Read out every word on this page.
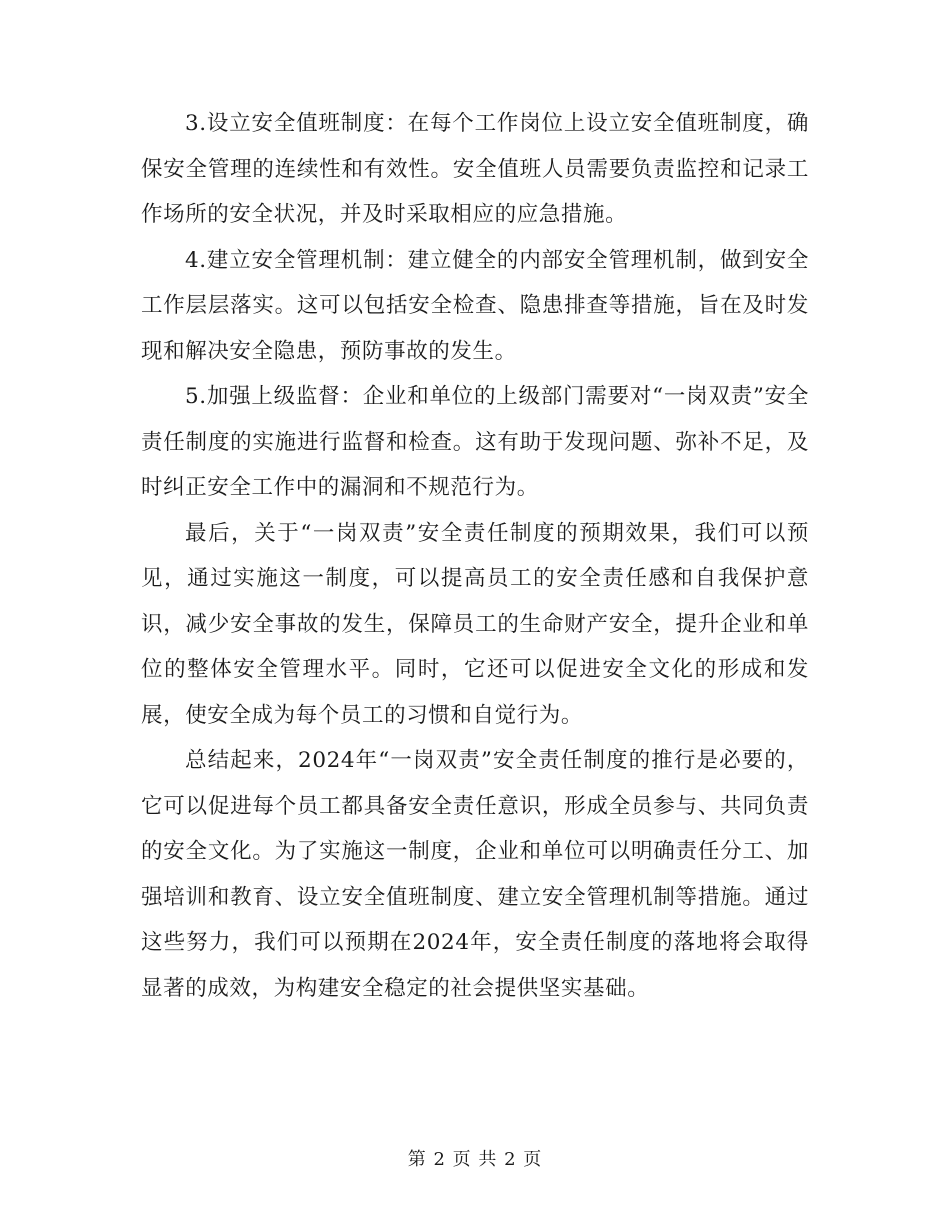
3.设立安全值班制度：在每个工作岗位上设立安全值班制度，确保安全管理的连续性和有效性。安全值班人员需要负责监控和记录工作场所的安全状况，并及时采取相应的应急措施。

4.建立安全管理机制：建立健全的内部安全管理机制，做到安全工作层层落实。这可以包括安全检查、隐患排查等措施，旨在及时发现和解决安全隐患，预防事故的发生。

5.加强上级监督：企业和单位的上级部门需要对“一岗双责”安全责任制度的实施进行监督和检查。这有助于发现问题、弥补不足，及时纠正安全工作中的漏洞和不规范行为。

最后，关于“一岗双责”安全责任制度的预期效果，我们可以预见，通过实施这一制度，可以提高员工的安全责任感和自我保护意识，减少安全事故的发生，保障员工的生命财产安全，提升企业和单位的整体安全管理水平。同时，它还可以促进安全文化的形成和发展，使安全成为每个员工的习惯和自觉行为。

总结起来，2024年“一岗双责”安全责任制度的推行是必要的，它可以促进每个员工都具备安全责任意识，形成全员参与、共同负责的安全文化。为了实施这一制度，企业和单位可以明确责任分工、加强培训和教育、设立安全值班制度、建立安全管理机制等措施。通过这些努力，我们可以预期在2024年，安全责任制度的落地将会取得显著的成效，为构建安全稳定的社会提供坚实基础。

第 2 页 共 2 页
